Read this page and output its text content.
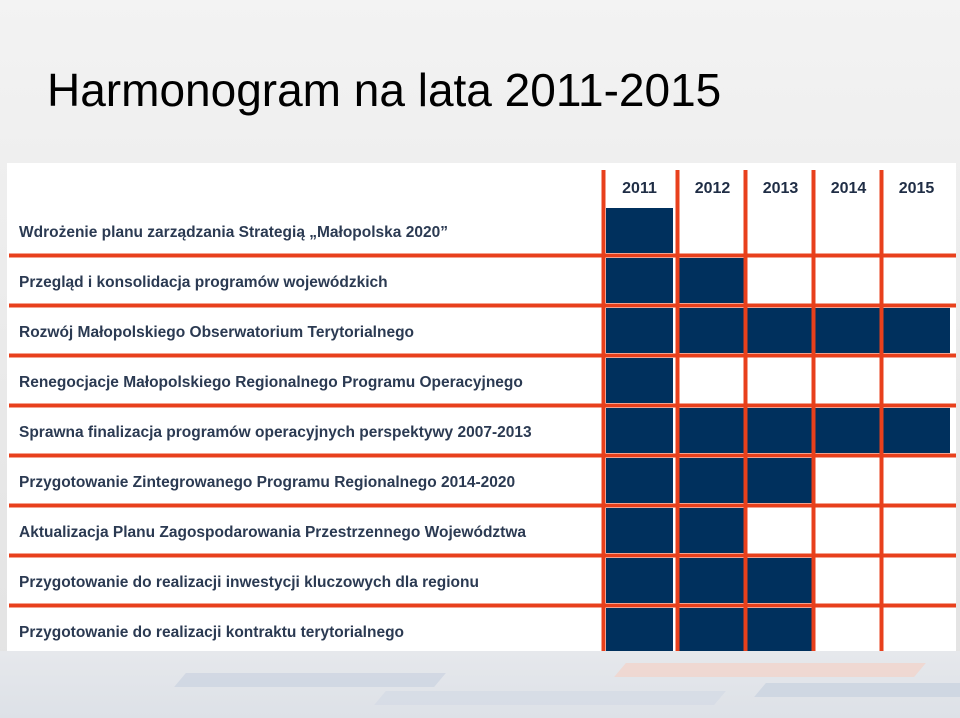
Harmonogram na lata 2011-2015
2011 2012 2013 2014 2015
Wdrożenie planu zarządzania Strategią „Małopolska 2020”
Przegląd i konsolidacja programów wojewódzkich
Rozwój Małopolskiego Obserwatorium Terytorialnego
Renegocjacje Małopolskiego Regionalnego Programu Operacyjnego
Sprawna finalizacja programów operacyjnych perspektywy 2007-2013
Przygotowanie Zintegrowanego Programu Regionalnego 2014-2020
Aktualizacja Planu Zagospodarowania Przestrzennego Województwa
Przygotowanie do realizacji inwestycji kluczowych dla regionu
Przygotowanie do realizacji kontraktu terytorialnego
